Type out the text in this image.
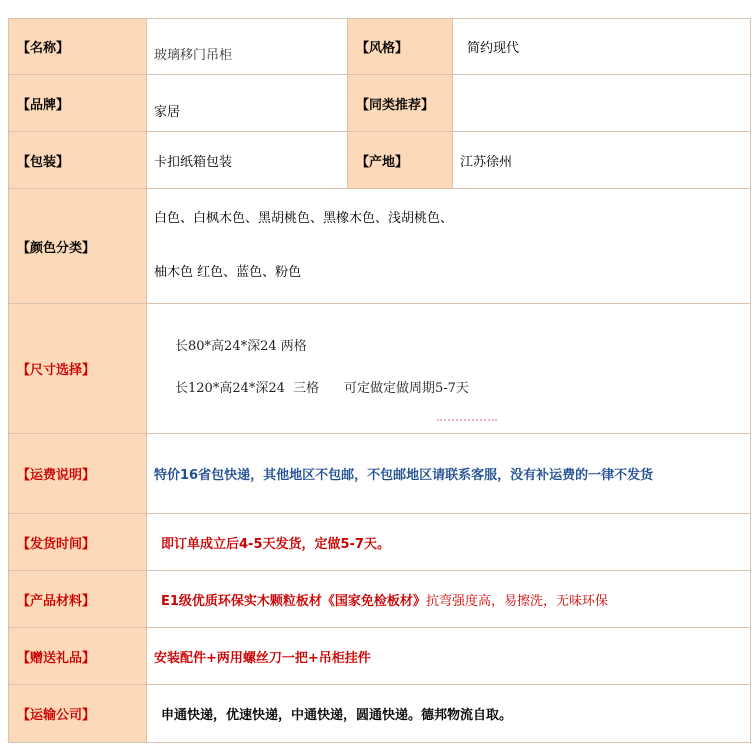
【名称】	玻璃移门吊柜	【风格】	简约现代
【品牌】	家居	【同类推荐】	
【包装】	卡扣纸箱包装	【产地】	江苏徐州
【颜色分类】	白色、白枫木色、黑胡桃色、黑橡木色、浅胡桃色、
柚木色 红色、蓝色、粉色		

【尺寸选择】	长80*高24*深24 两格
长120*高24*深24  三格 可定做定做周期5-7天		

【运费说明】	特价16省包快递，其他地区不包邮，不包邮地区请联系客服，没有补运费的一律不发货		
【发货时间】	即订单成立后4-5天发货，定做5-7天。		
【产品材料】	E1级优质环保实木颗粒板材《国家免检板材》抗弯强度高，易擦洗，无味环保		
【赠送礼品】	安装配件+两用螺丝刀一把+吊柜挂件		
【运输公司】	申通快递，优速快递，中通快递，圆通快递。德邦物流自取。		
